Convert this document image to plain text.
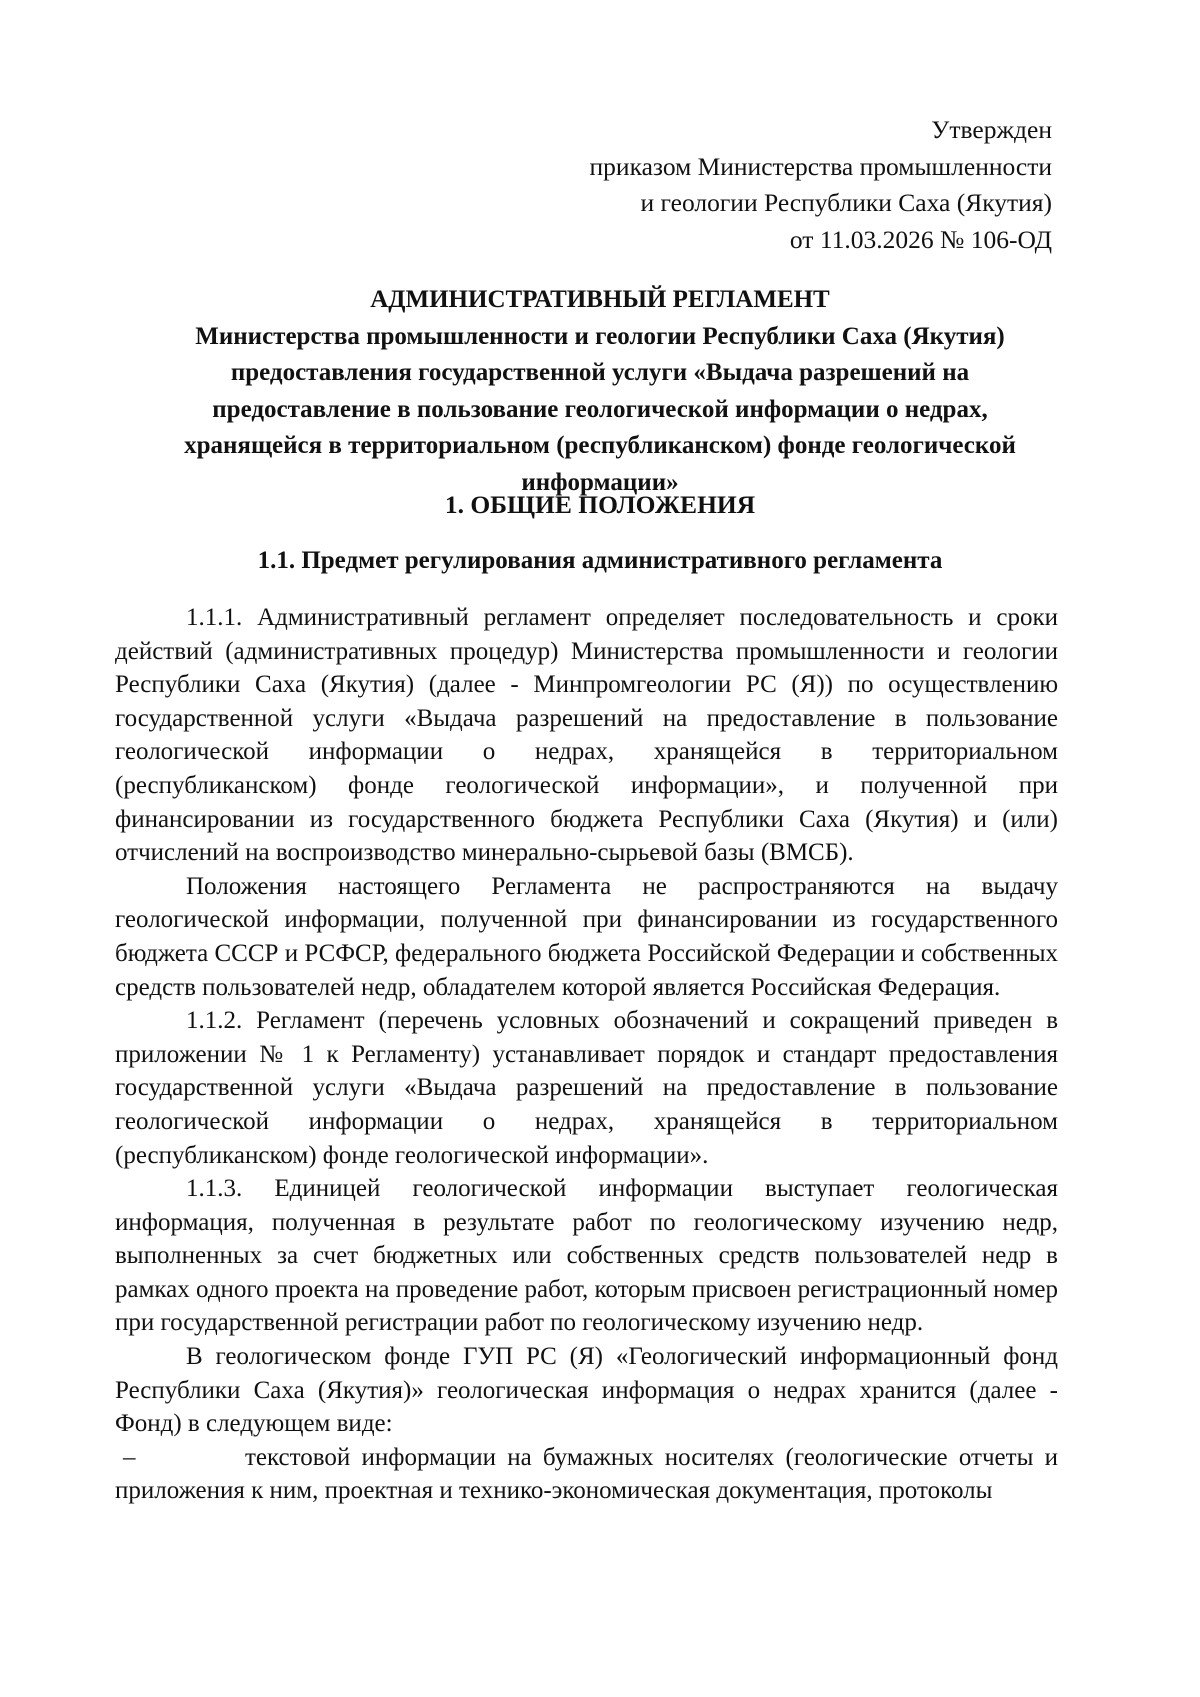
Утвержден
приказом Министерства промышленности
и геологии Республики Саха (Якутия)
от 11.03.2026 № 106-ОД
АДМИНИСТРАТИВНЫЙ РЕГЛАМЕНТ
Министерства промышленности и геологии Республики Саха (Якутия)
предоставления государственной услуги «Выдача разрешений на
предоставление в пользование геологической информации о недрах,
хранящейся в территориальном (республиканском) фонде геологической
информации»
1. ОБЩИЕ ПОЛОЖЕНИЯ
1.1. Предмет регулирования административного регламента

1.1.1. Административный регламент определяет последовательность и сроки действий (административных процедур) Министерства промышленности и геологии Республики Саха (Якутия) (далее - Минпромгеологии РС (Я)) по осуществлению государственной услуги «Выдача разрешений на предоставление в пользование геологической информации о недрах, хранящейся в территориальном (республиканском) фонде геологической информации», и полученной при финансировании из государственного бюджета Республики Саха (Якутия) и (или) отчислений на воспроизводство минерально-сырьевой базы (ВМСБ).

Положения настоящего Регламента не распространяются на выдачу геологической информации, полученной при финансировании из государственного бюджета СССР и РСФСР, федерального бюджета Российской Федерации и собственных средств пользователей недр, обладателем которой является Российская Федерация.

1.1.2. Регламент (перечень условных обозначений и сокращений приведен в приложении № 1 к Регламенту) устанавливает порядок и стандарт предоставления государственной услуги «Выдача разрешений на предоставление в пользование геологической информации о недрах, хранящейся в территориальном (республиканском) фонде геологической информации».

1.1.3. Единицей геологической информации выступает геологическая информация, полученная в результате работ по геологическому изучению недр, выполненных за счет бюджетных или собственных средств пользователей недр в рамках одного проекта на проведение работ, которым присвоен регистрационный номер при государственной регистрации работ по геологическому изучению недр.

В геологическом фонде ГУП РС (Я) «Геологический информационный фонд Республики Саха (Якутия)» геологическая информация о недрах хранится (далее - Фонд) в следующем виде:

–	текстовой информации на бумажных носителях (геологические отчеты и приложения к ним, проектная и технико-экономическая документация, протоколы
